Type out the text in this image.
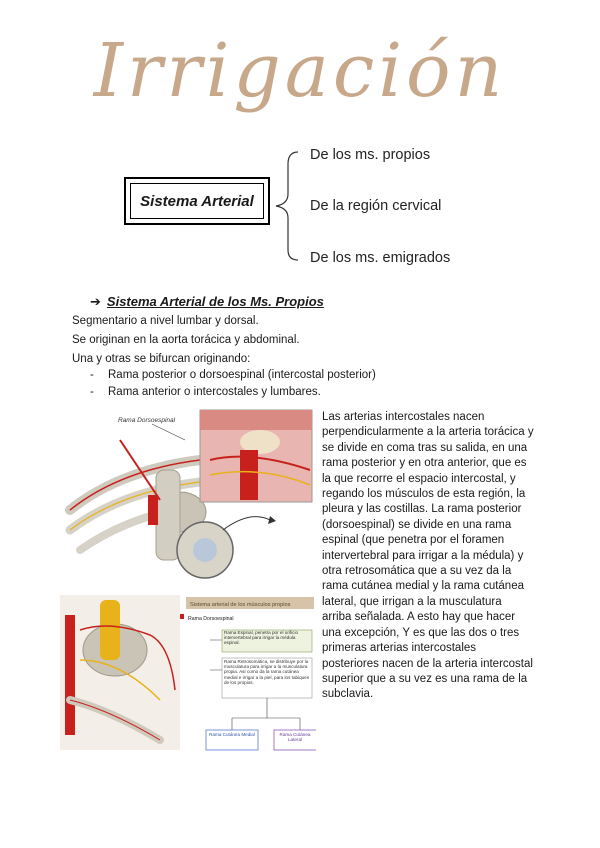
Irrigación
Sistema Arterial
De los ms. propios
De la región cervical
De los ms. emigrados
➔ Sistema Arterial de los Ms. Propios
Segmentario a nivel lumbar y dorsal.
Se originan en la aorta torácica y abdominal.
Una y otras se bifurcan originando:
- Rama posterior o dorsoespinal (intercostal posterior)
- Rama anterior o intercostales y lumbares.
Las arterias intercostales nacen perpendicularmente a la arteria torácica y se divide en coma tras su salida, en una rama posterior y en otra anterior, que es la que recorre el espacio intercostal, y regando los músculos de esta región, la pleura y las costillas. La rama posterior (dorsoespinal) se divide en una rama espinal (que penetra por el foramen intervertebral para irrigar a la médula) y otra retrosomática que a su vez da la rama cutánea medial y la rama cutánea lateral, que irrigan a la musculatura arriba señalada. A esto hay que hacer una excepción, Y es que las dos o tres primeras arterias intercostales posteriores nacen de la arteria intercostal superior que a su vez es una rama de la subclavia.
Rama Dorsoespinal
Sistema arterial de los músculos propios
Rama Dorsoespinal
Rama Espinal, penetra por el orificio intervertebral para irrigar la médula espinal.
Rama Retrosomática, se distribuye por la musculatura para irrigar a la musculatura propia. Así como da la rama cutánea medial e irrigar a la piel, para los tabiques de los propios.
Rama Cutánea Medial	Rama Cutánea Lateral
